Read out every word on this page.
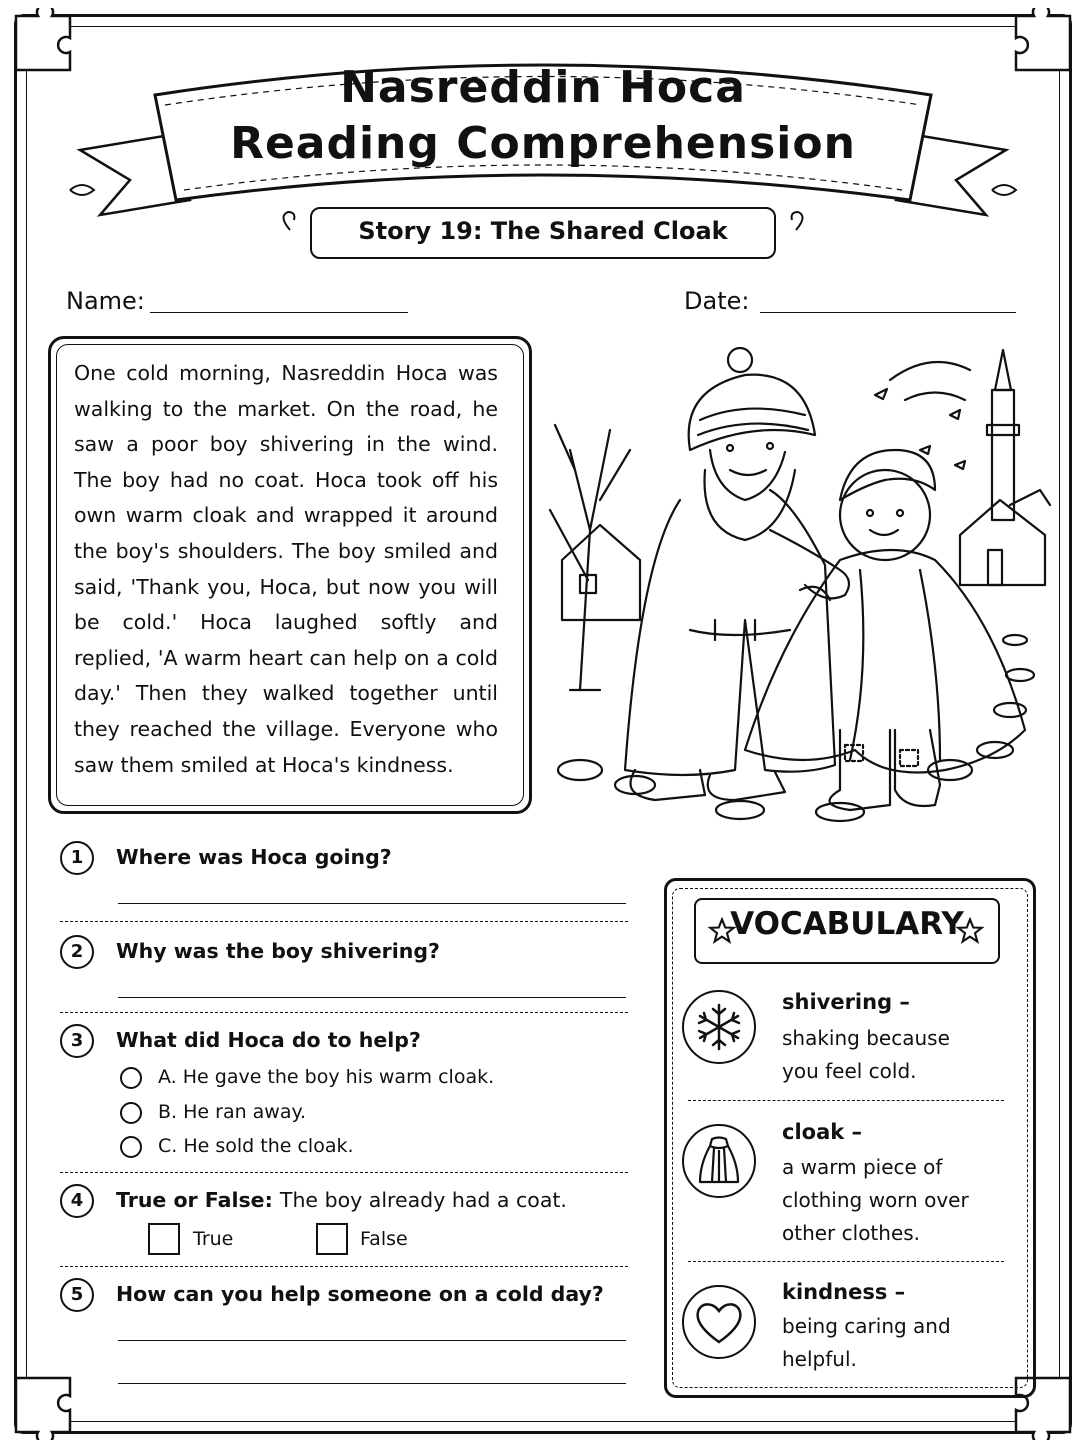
Nasreddin Hoca
Reading Comprehension
Story 19: The Shared Cloak
Name:	Date:
One cold morning, Nasreddin Hoca was walking to the market. On the road, he saw a poor boy shivering in the wind. The boy had no coat. Hoca took off his own warm cloak and wrapped it around the boy's shoulders. The boy smiled and said, 'Thank you, Hoca, but now you will be cold.' Hoca laughed softly and replied, 'A warm heart can help on a cold day.' Then they walked together until they reached the village. Everyone who saw them smiled at Hoca's kindness.
1	Where was Hoca going?
2	Why was the boy shivering?
3	What did Hoca do to help?
A. He gave the boy his warm cloak.
B. He ran away.
C. He sold the cloak.
4	True or False: The boy already had a coat.
True	False
5	How can you help someone on a cold day?
VOCABULARY
shivering –
shaking because you feel cold.
cloak –
a warm piece of clothing worn over other clothes.
kindness –
being caring and helpful.
